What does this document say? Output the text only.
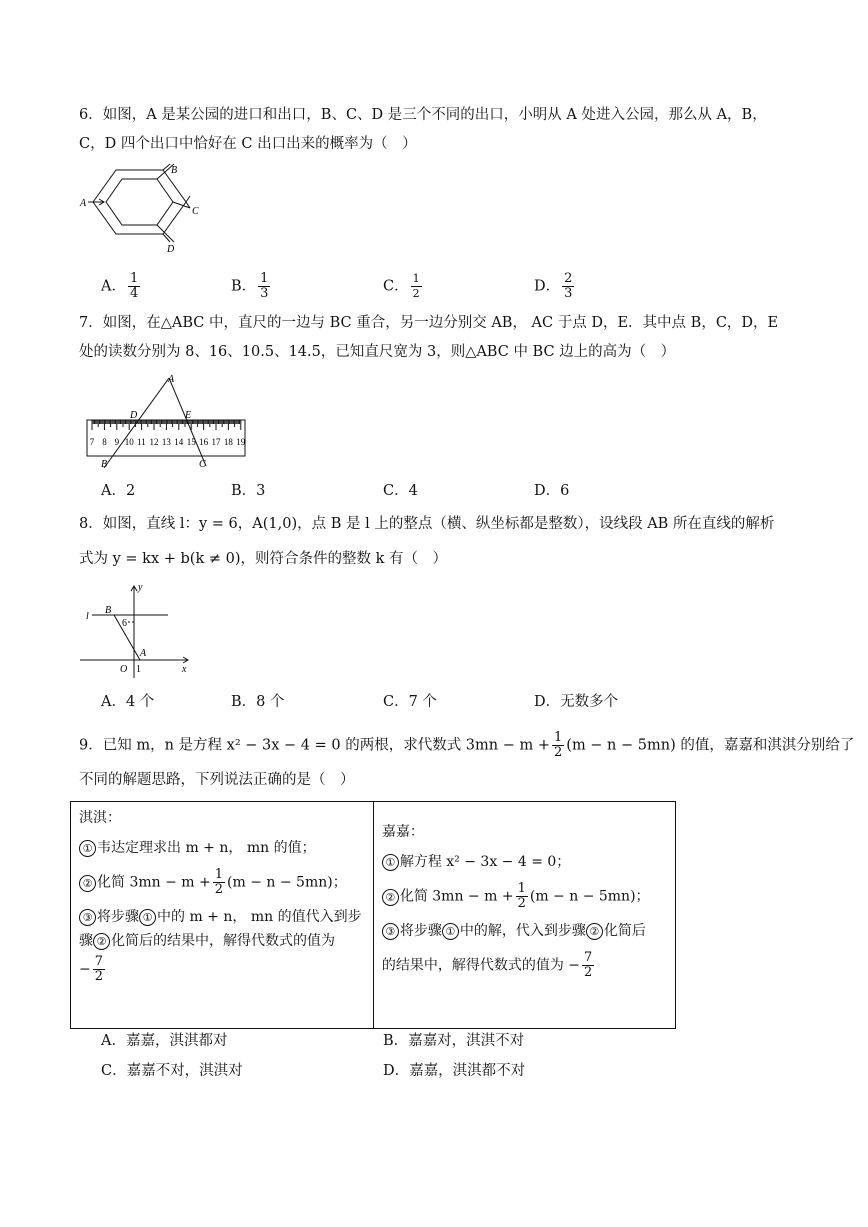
6．如图，A 是某公园的进口和出口，B、C、D 是三个不同的出口，小明从 A 处进入公园，那么从 A，B，
C，D 四个出口中恰好在 C 出口出来的概率为（　）
A
B
C
D
A． $\frac{1}{4}$	B． $\frac{1}{3}$	C． $\frac{1}{2}$	D． $\frac{2}{3}$
7．如图，在△ABC 中，直尺的一边与 BC 重合，另一边分别交 AB， AC 于点 D，E．其中点 B，C，D，E
处的读数分别为 8、16、10.5、14.5，已知直尺宽为 3，则△ABC 中 BC 边上的高为（　）
A
B	C
D	E
7 8 9 10 11 12 13 14 15 16 17 18 19
A．2	B．3	C．4	D．6
8．如图，直线 l：y = 6，A(1,0)，点 B 是 l 上的整点（横、纵坐标都是整数），设线段 AB 所在直线的解析
式为 y = kx + b(k ≠ 0)，则符合条件的整数 k 有（　）
y
l
B
6
A
O 1	x
A．4 个	B．8 个	C．7 个	D．无数多个
9．已知 m，n 是方程 x² − 3x − 4 = 0 的两根，求代数式 $3mn - m + \frac{1}{2} (m - n - 5mn)$ 的值，嘉嘉和淇淇分别给了
不同的解题思路，下列说法正确的是（　）
淇淇：
① 韦达定理求出 m + n， mn 的值；
② 化简 $3mn - m + \frac{1}{2} (m - n - 5mn)$；
③ 将步骤 ① 中的 m + n， mn 的值代入到步
骤 ② 化简后的结果中，解得代数式的值为
− $\frac{7}{2}$

嘉嘉：
① 解方程 x² − 3x − 4 = 0；
② 化简 $3mn - m + \frac{1}{2} (m - n - 5mn)$；
③ 将步骤 ① 中的解，代入到步骤 ② 化简后
的结果中，解得代数式的值为 − $\frac{7}{2}$
A．嘉嘉，淇淇都对	B．嘉嘉对，淇淇不对
C．嘉嘉不对，淇淇对	D．嘉嘉，淇淇都不对
